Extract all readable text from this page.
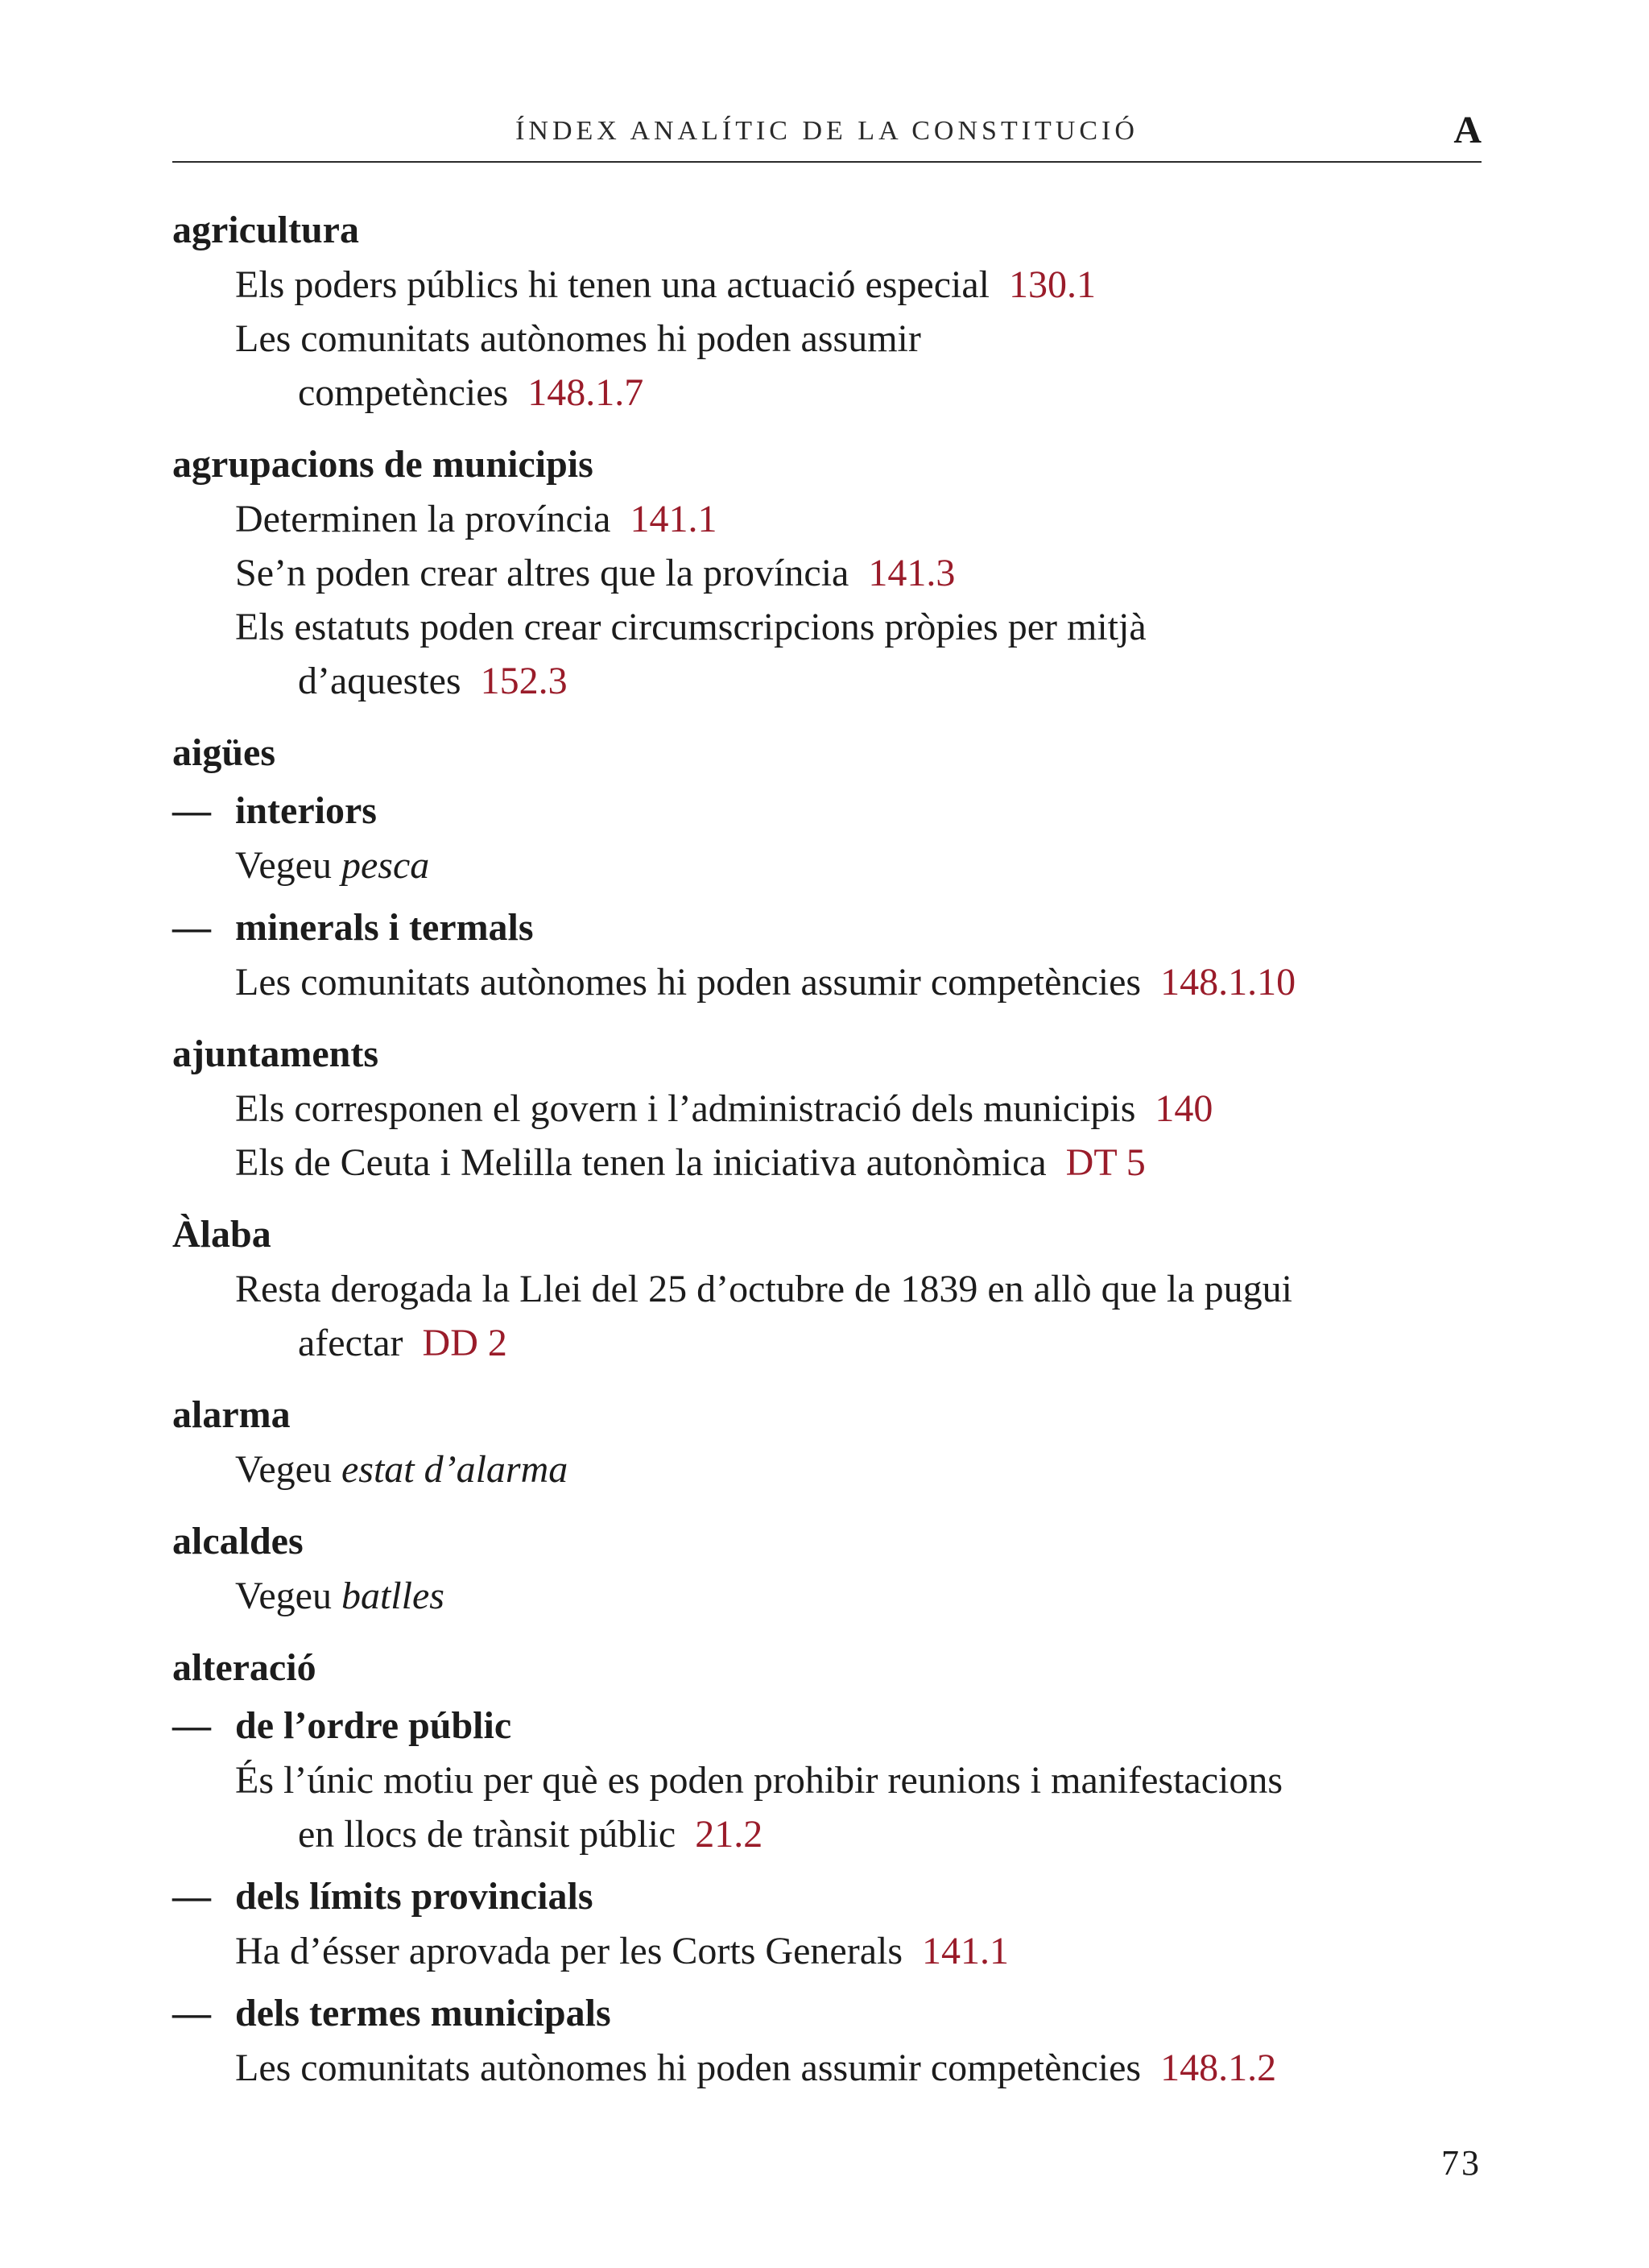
ÍNDEX ANALÍTIC DE LA CONSTITUCIÓ	A
agricultura
Els poders públics hi tenen una actuació especial 130.1
Les comunitats autònomes hi poden assumir
competències 148.1.7
agrupacions de municipis
Determinen la província 141.1
Se’n poden crear altres que la província 141.3
Els estatuts poden crear circumscripcions pròpies per mitjà
d’aquestes 152.3
aigües
— interiors
Vegeu pesca
— minerals i termals
Les comunitats autònomes hi poden assumir competències 148.1.10
ajuntaments
Els corresponen el govern i l’administració dels municipis 140
Els de Ceuta i Melilla tenen la iniciativa autonòmica DT 5
Àlaba
Resta derogada la Llei del 25 d’octubre de 1839 en allò que la pugui
afectar DD 2
alarma
Vegeu estat d’alarma
alcaldes
Vegeu batlles
alteració
— de l’ordre públic
És l’únic motiu per què es poden prohibir reunions i manifestacions
en llocs de trànsit públic 21.2
— dels límits provincials
Ha d’ésser aprovada per les Corts Generals 141.1
— dels termes municipals
Les comunitats autònomes hi poden assumir competències 148.1.2
73
